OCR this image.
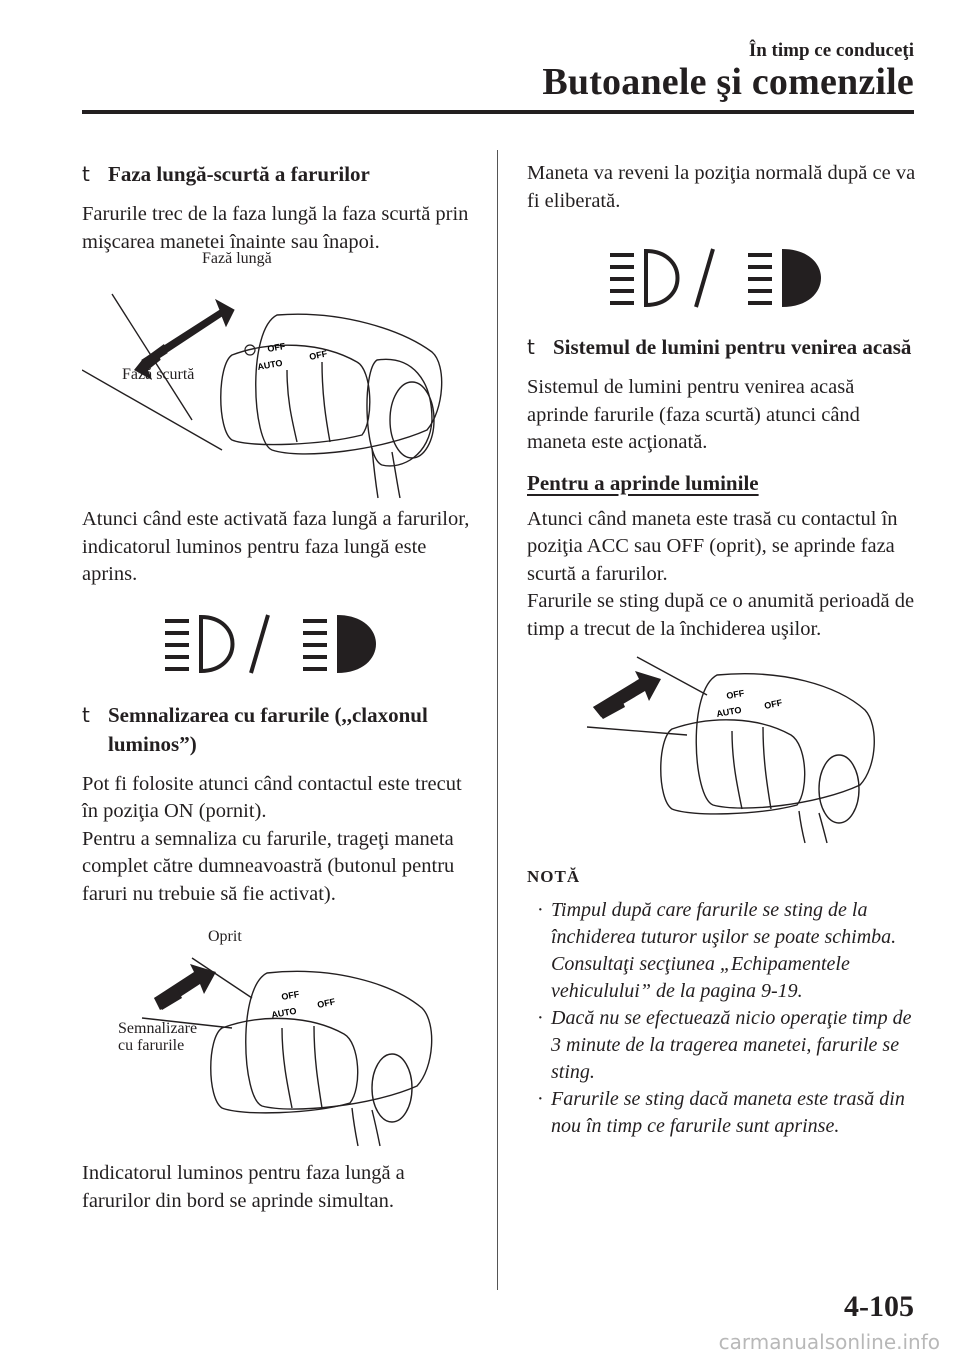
În timp ce conduceţi
Butoanele şi comenzile
t Faza lungă-scurtă a farurilor

Farurile trec de la faza lungă la faza scurtă prin mişcarea manetei înainte sau înapoi.

OFF
AUTO
OFF
Fază lungă
Fază scurtă

Atunci când este activată faza lungă a farurilor, indicatorul luminos pentru faza lungă este aprins.

t Semnalizarea cu farurile (,,claxonul luminos”)

Pot fi folosite atunci când contactul este trecut în poziţia ON (pornit).

Pentru a semnaliza cu farurile, trageţi maneta complet către dumneavoastră (butonul pentru faruri nu trebuie să fie activat).

OFF
AUTO
OFF
Oprit
Semnalizare
cu farurile

Indicatorul luminos pentru faza lungă a farurilor din bord se aprinde simultan.

Maneta va reveni la poziţia normală după ce va fi eliberată.

t Sistemul de lumini pentru venirea acasă

Sistemul de lumini pentru venirea acasă aprinde farurile (faza scurtă) atunci când maneta este acţionată.

Pentru a aprinde luminile

Atunci când maneta este trasă cu contactul în poziţia ACC sau OFF (oprit), se aprinde faza scurtă a farurilor.

Farurile se sting după ce o anumită perioadă de timp a trecut de la închiderea uşilor.

OFF
AUTO
OFF
NOTĂ

· Timpul după care farurile se sting de la închiderea tuturor uşilor se poate schimba.
Consultaţi secţiunea „Echipamentele vehiculului” de la pagina 9-19.

· Dacă nu se efectuează nicio operaţie timp de 3 minute de la tragerea manetei, farurile se sting.

· Farurile se sting dacă maneta este trasă din nou în timp ce farurile sunt aprinse.

4-105
carmanualsonline.info
